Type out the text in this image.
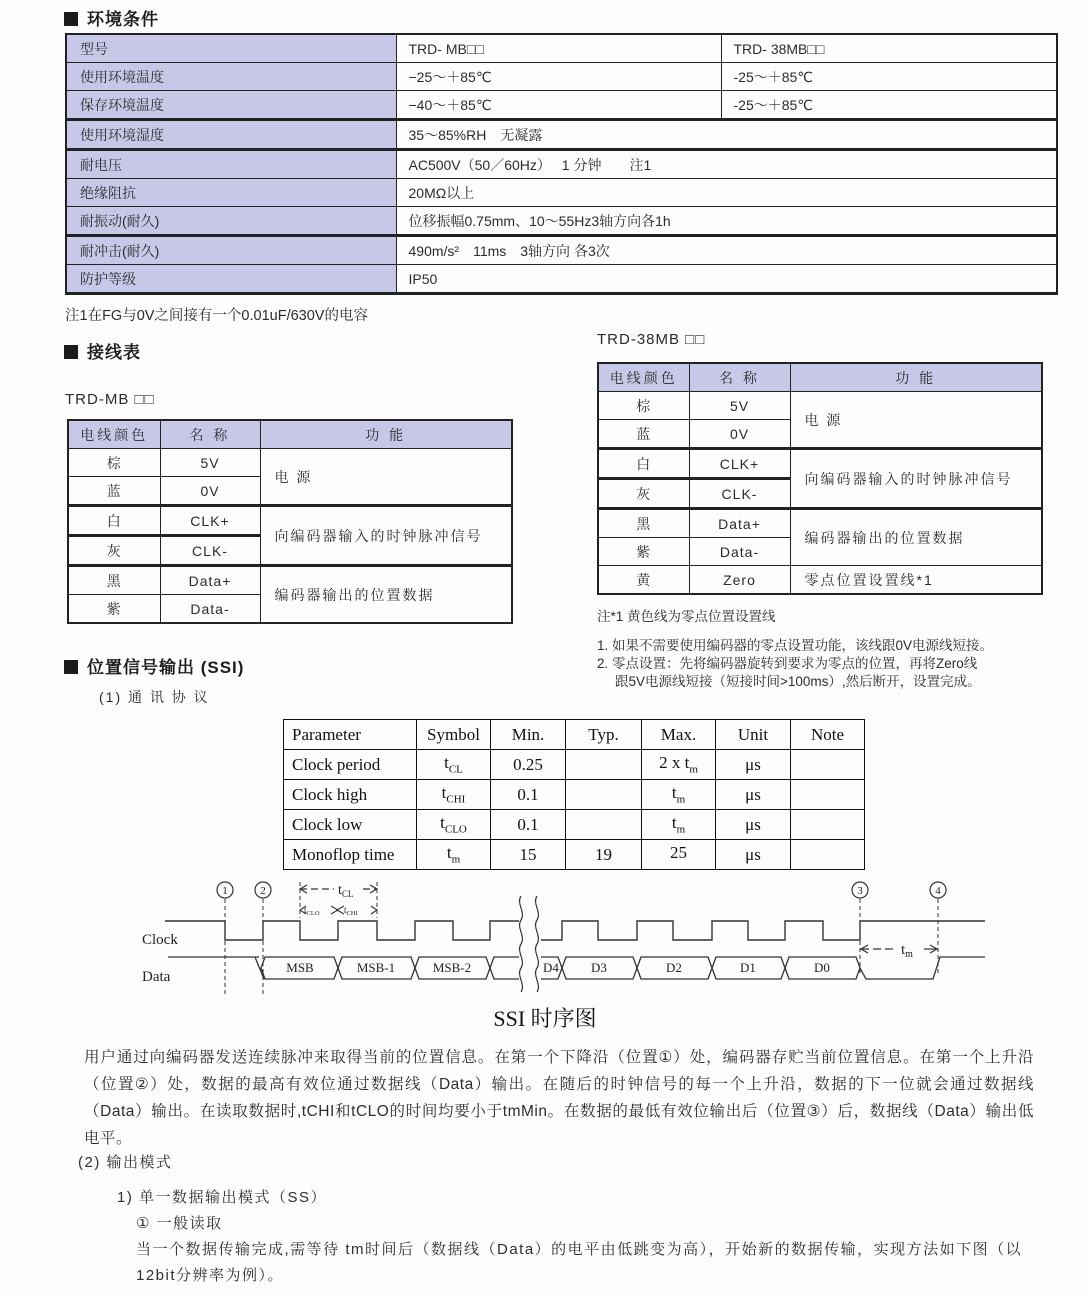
环境条件
型号	TRD- MB□□	TRD- 38MB□□
使用环境温度	−25～＋85℃	-25～＋85℃
保存环境温度	−40～＋85℃	-25～＋85℃
使用环境湿度	35～85%RH　无凝露	
耐电压	AC500V（50／60Hz）　 1 分钟　　注1	
绝缘阻抗	20MΩ以上	
耐振动(耐久)	位移振幅0.75mm、10～55Hz3轴方向各1h	
耐冲击(耐久)	490m/s²　11ms　3轴方向 各3次	
防护等级	IP50	
注1在FG与0V之间接有一个0.01uF/630V的电容
接线表
TRD-38MB □□
电线颜色	名 称	功 能
棕	5V	电 源
蓝	0V	
白	CLK+	向编码器输入的时钟脉冲信号
灰	CLK-	
黑	Data+	编码器输出的位置数据
紫	Data-	
黄	Zero	零点位置设置线*1
TRD-MB □□
电线颜色	名 称	功 能
棕	5V	电 源
蓝	0V	
白	CLK+	向编码器输入的时钟脉冲信号
灰	CLK-	
黑	Data+	编码器输出的位置数据
紫	Data-		注*1 黄色线为零点位置设置线
1. 如果不需要使用编码器的零点设置功能，该线跟0V电源线短接。
2. 零点设置：先将编码器旋转到要求为零点的位置，再将Zero线
跟5V电源线短接（短接时间>100ms）,然后断开，设置完成。
位置信号输出 (SSI)
(1) 通 讯 协 议
Parameter	Symbol	Min.	Typ.	Max.	Unit	Note
Clock period	$t_{CL}$	0.25		2 x $t_m$	μs	
Clock high	$t_{CHI}$	0.1		$t_m$	μs	
Clock low	$t_{CLO}$	0.1		$t_m$	μs	
Monoflop time	$t_m$	15	19	25	μs	
1	2	3	4
$t_{CL}$
$t_{CLO}$	$t_{CHI}$
$t_m$
Clock
Data
MSB	MSB-1	MSB-2	D4 D3	D2	D1	D0
SSI 时序图
用户通过向编码器发送连续脉冲来取得当前的位置信息。在第一个下降沿（位置①）处，编码器存贮当前位置信息。在第一个上升沿（位置②）处，数据的最高有效位通过数据线（Data）输出。在随后的时钟信号的每一个上升沿，数据的下一位就会通过数据线（Data）输出。在读取数据时,tCHI和tCLO的时间均要小于tmMin。在数据的最低有效位输出后（位置③）后，数据线（Data）输出低电平。
(2) 输出模式
1) 单一数据输出模式（SS）
① 一般读取
当一个数据传输完成,需等待 tm时间后（数据线（Data）的电平由低跳变为高），开始新的数据传输，实现方法如下图（以12bit分辨率为例）。
